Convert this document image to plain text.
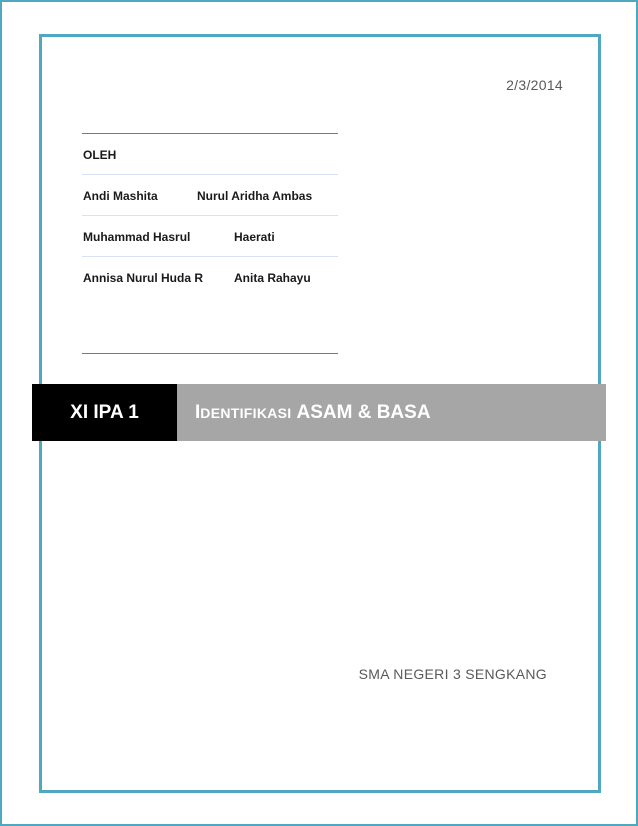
2/3/2014
OLEH
Andi Mashita	Nurul Aridha Ambas
Muhammad Hasrul	Haerati
Annisa Nurul Huda R	Anita Rahayu
XI IPA 1	I DENTIFIKASI ASAM & BASA
SMA NEGERI 3 SENGKANG
